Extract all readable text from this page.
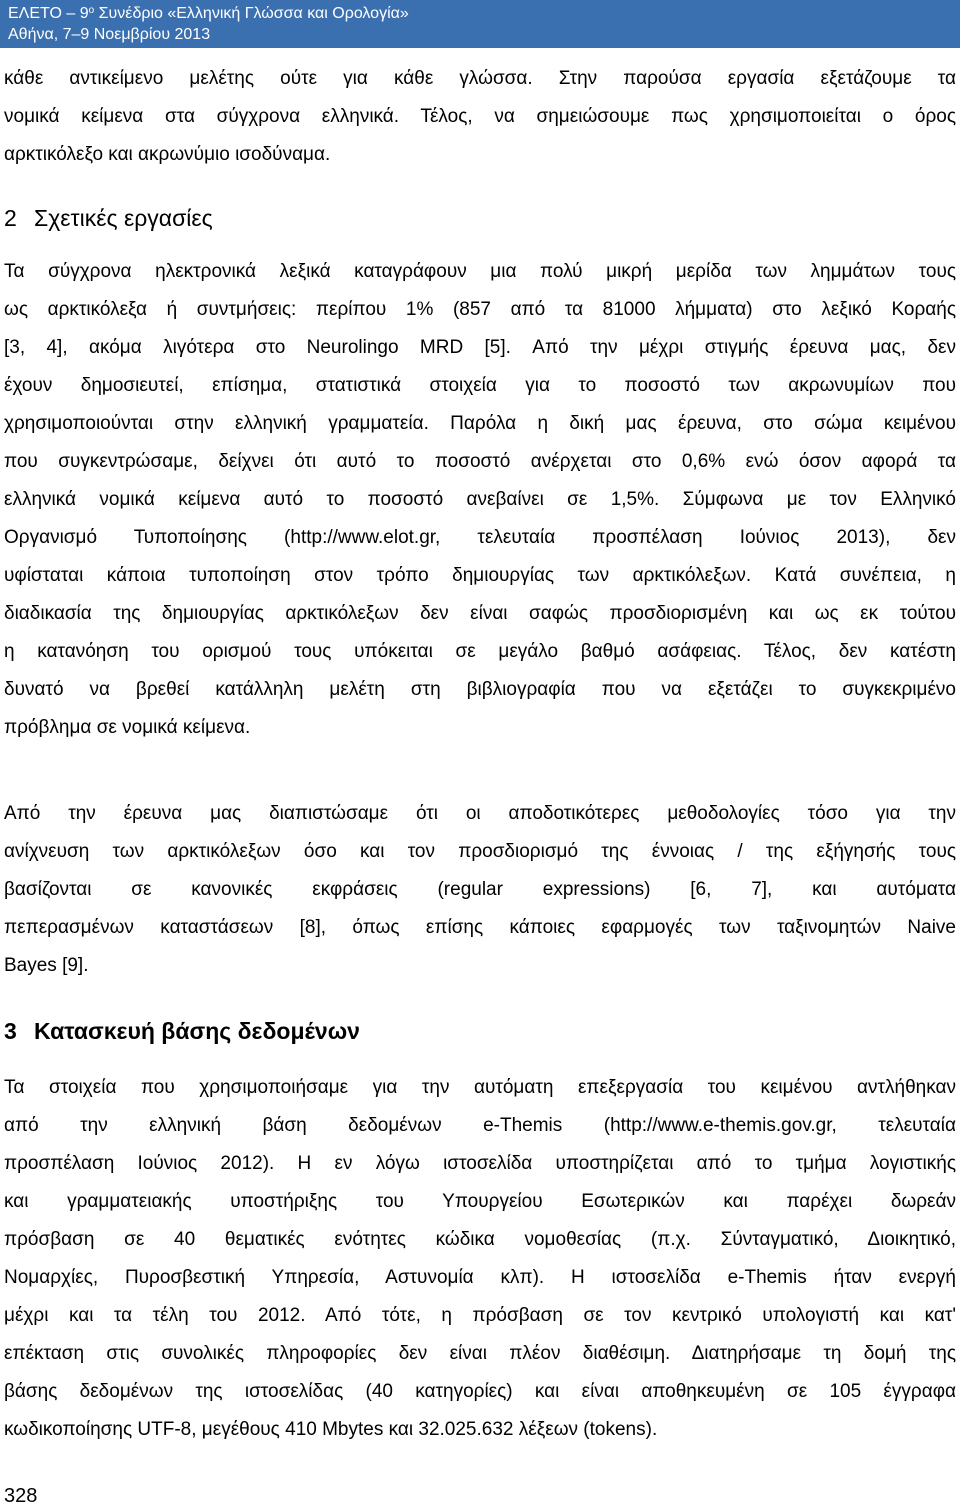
ΕΛΕΤΟ – $9^o$ Συνέδριο «Ελληνική Γλώσσα και Ορολογία»
Αθήνα, 7–9 Νοεμβρίου 2013
κάθε αντικείμενο μελέτης ούτε για κάθε γλώσσα. Στην παρούσα εργασία εξετάζουμε τα
νομικά κείμενα στα σύγχρονα ελληνικά. Τέλος, να σημειώσουμε πως χρησιμοποιείται ο όρος
αρκτικόλεξο και ακρωνύμιο ισοδύναμα.
2 Σχετικές εργασίες
Τα σύγχρονα ηλεκτρονικά λεξικά καταγράφουν μια πολύ μικρή μερίδα των λημμάτων τους
ως αρκτικόλεξα ή συντμήσεις: περίπου 1% (857 από τα 81000 λήμματα) στο λεξικό Κοραής
[3, 4], ακόμα λιγότερα στο Neurolingo MRD [5]. Από την μέχρι στιγμής έρευνα μας, δεν
έχουν δημοσιευτεί, επίσημα, στατιστικά στοιχεία για το ποσοστό των ακρωνυμίων που
χρησιμοποιούνται στην ελληνική γραμματεία. Παρόλα η δική μας έρευνα, στο σώμα κειμένου
που συγκεντρώσαμε, δείχνει ότι αυτό το ποσοστό ανέρχεται στο 0,6% ενώ όσον αφορά τα
ελληνικά νομικά κείμενα αυτό το ποσοστό ανεβαίνει σε 1,5%. Σύμφωνα με τον Ελληνικό
Οργανισμό Τυποποίησης (http://www.elot.gr, τελευταία προσπέλαση Ιούνιος 2013), δεν
υφίσταται κάποια τυποποίηση στον τρόπο δημιουργίας των αρκτικόλεξων. Κατά συνέπεια, η
διαδικασία της δημιουργίας αρκτικόλεξων δεν είναι σαφώς προσδιορισμένη και ως εκ τούτου
η κατανόηση του ορισμού τους υπόκειται σε μεγάλο βαθμό ασάφειας. Τέλος, δεν κατέστη
δυνατό να βρεθεί κατάλληλη μελέτη στη βιβλιογραφία που να εξετάζει το συγκεκριμένο
πρόβλημα σε νομικά κείμενα.
Από την έρευνα μας διαπιστώσαμε ότι οι αποδοτικότερες μεθοδολογίες τόσο για την
ανίχνευση των αρκτικόλεξων όσο και τον προσδιορισμό της έννοιας / της εξήγησής τους
βασίζονται σε κανονικές εκφράσεις (regular expressions) [6, 7], και αυτόματα
πεπερασμένων καταστάσεων [8], όπως επίσης κάποιες εφαρμογές των ταξινομητών Naive
Bayes [9].
3 Κατασκευή βάσης δεδομένων
Τα στοιχεία που χρησιμοποιήσαμε για την αυτόματη επεξεργασία του κειμένου αντλήθηκαν
από την ελληνική βάση δεδομένων e-Themis (http://www.e-themis.gov.gr, τελευταία
προσπέλαση Ιούνιος 2012). Η εν λόγω ιστοσελίδα υποστηρίζεται από το τμήμα λογιστικής
και γραμματειακής υποστήριξης του Υπουργείου Εσωτερικών και παρέχει δωρεάν
πρόσβαση σε 40 θεματικές ενότητες κώδικα νομοθεσίας (π.χ. Σύνταγματικό, Διοικητικό,
Νομαρχίες, Πυροσβεστική Υπηρεσία, Αστυνομία κλπ). Η ιστοσελίδα e-Themis ήταν ενεργή
μέχρι και τα τέλη του 2012. Από τότε, η πρόσβαση σε τον κεντρικό υπολογιστή και κατ'
επέκταση στις συνολικές πληροφορίες δεν είναι πλέον διαθέσιμη. Διατηρήσαμε τη δομή της
βάσης δεδομένων της ιστοσελίδας (40 κατηγορίες) και είναι αποθηκευμένη σε 105 έγγραφα
κωδικοποίησης UTF-8, μεγέθους 410 Mbytes και 32.025.632 λέξεων (tokens).
328
